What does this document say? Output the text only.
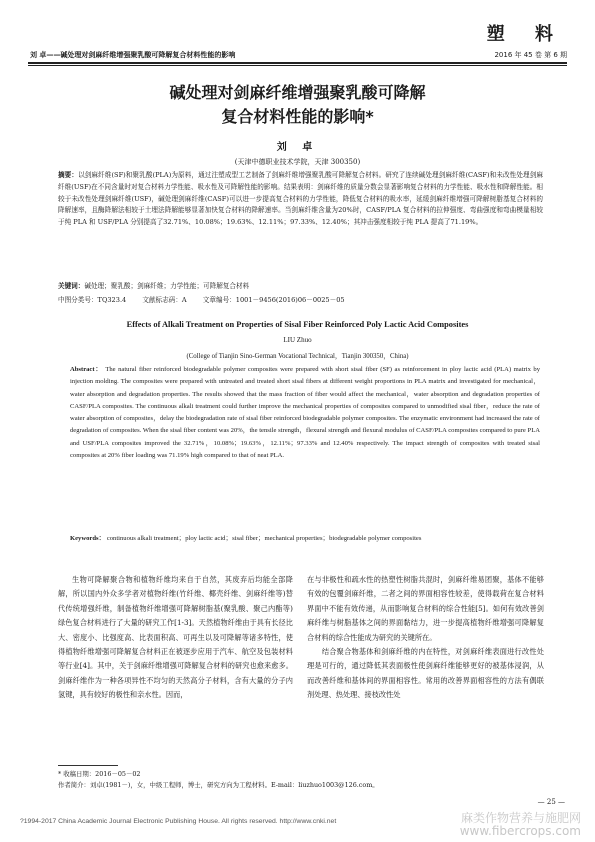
塑 料
刘 卓——碱处理对剑麻纤维增强聚乳酸可降解复合材料性能的影响	2016 年 45 卷 第 6 期
碱处理对剑麻纤维增强聚乳酸可降解
复合材料性能的影响*
刘 卓
(天津中德职业技术学院，天津 300350)
摘要：以剑麻纤维(SF)和聚乳酸(PLA)为原料，通过注塑成型工艺制备了剑麻纤维增强聚乳酸可降解复合材料。研究了连续碱处理剑麻纤维(CASF)和未改性处理剑麻纤维(USF)在不同含量时对复合材料力学性能、吸水性及可降解性能的影响。结果表明：剑麻纤维的质量分数会显著影响复合材料的力学性能、吸水性和降解性能。相较于未改性处理剑麻纤维(USF)，碱处理剑麻纤维(CASF)可以进一步提高复合材料的力学性能，降低复合材料的吸水率，延缓剑麻纤维增强可降解树脂基复合材料的降解速率，且酶降解法相较于土埋法降解能够显著加快复合材料的降解速率。当剑麻纤维含量为20%时，CASF/PLA 复合材料的拉伸强度、弯曲强度和弯曲模量相较于纯 PLA 和 USF/PLA 分别提高了32.71%、10.08%；19.63%、12.11%；97.33%、12.40%；其冲击强度相较于纯 PLA 提高了71.19%。
关键词：碱处理；聚乳酸；剑麻纤维；力学性能；可降解复合材料
中图分类号：TQ323.4 文献标志码：A 文章编号：1001－9456(2016)06－0025－05
Effects of Alkali Treatment on Properties of Sisal Fiber Reinforced Poly Lactic Acid Composites
LIU Zhuo
(College of Tianjin Sino-German Vocational Technical，Tianjin 300350，China)
Abstract： The natural fiber reinforced biodegradable polymer composites were prepared with short sisal fiber (SF) as reinforcement in ploy lactic acid (PLA) matrix by injection molding. The composites were prepared with untreated and treated short sisal fibers at different weight proportions in PLA matrix and investigated for mechanical，water absorption and degradation properties. The results showed that the mass fraction of fiber would affect the mechanical，water absorption and degradation properties of CASF/PLA composites. The continuous alkali treatment could further improve the mechanical properties of composites compared to unmodified sisal fiber，reduce the rate of water absorption of composites，delay the biodegradation rate of sisal fiber reinforced biodegradable polymer composites. The enzymatic environment had increased the rate of degradation of composites. When the sisal fiber content was 20%，the tensile strength，flexural strength and flexural modulus of CASF/PLA composites compared to pure PLA and USF/PLA composites improved the 32.71%，10.08%；19.63%，12.11%；97.33% and 12.40% respectively. The impact strength of composites with treated sisal composites at 20% fiber loading was 71.19% high compared to that of neat PLA.
Keywords： continuous alkali treatment；ploy lactic acid；sisal fiber；mechanical properties；biodegradable polymer composites
生物可降解聚合物和植物纤维均来自于自然，其废弃后均能全部降解，所以国内外众多学者对植物纤维(竹纤维、椰壳纤维、剑麻纤维等)替代传统增强纤维，制备植物纤维增强可降解树脂基(聚乳酸、聚己内酯等)绿色复合材料进行了大量的研究工作[1-3]。天然植物纤维由于具有长径比大、密度小、比强度高、比表面积高、可再生以及可降解等诸多特性，使得植物纤维增强可降解复合材料正在被逐步应用于汽车、航空及包装材料等行业[4]。其中，关于剑麻纤维增强可降解复合材料的研究也愈来愈多。剑麻纤维作为一种各项异性不均匀的天然高分子材料，含有大量的分子内氢键，具有较好的极性和亲水性。因而，
在与非极性和疏水性的热塑性树脂共混时，剑麻纤维易团聚，基体不能够有效的包覆剑麻纤维，二者之间的界面相容性较差，使得载荷在复合材料界面中不能有效传递，从而影响复合材料的综合性能[5]。如何有效改善剑麻纤维与树脂基体之间的界面黏结力，进一步提高植物纤维增强可降解复合材料的综合性能成为研究的关键所在。
　　结合聚合物基体和剑麻纤维的内在特性，对剑麻纤维表面进行改性处理是可行的，通过降低其表面极性使剑麻纤维能够更好的被基体浸润，从而改善纤维和基体间的界面相容性。常用的改善界面相容性的方法有偶联剂处理、热处理、接枝改性处
* 收稿日期：2016－05－02
作者简介：刘卓(1981－)，女，中级工程师，博士，研究方向为工程材料。E-mail：liuzhuo1003@126.com。
— 25 —
?1994-2017 China Academic Journal Electronic Publishing House. All rights reserved. http://www.cnki.net	麻类作物营养与施肥网
www.fibercrops.com
